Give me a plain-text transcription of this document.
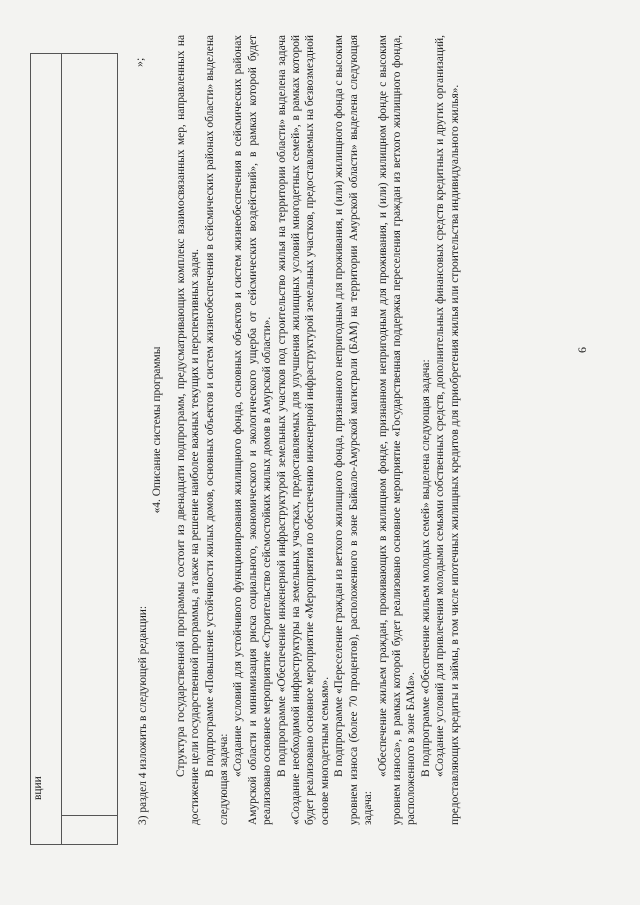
6
вции
»;

3) раздел 4 изложить в следующей редакции:

«4. Описание системы программы Структура государственной программы состоит из двенадцати подпрограмм, предусматривающих комплекс взаимосвязанных мер, направленных на достижение цели государственной программы, а также на решение наиболее важных текущих и перспективных задач. В подпрограмме «Повышение устойчивости жилых домов, основных объектов и систем жизнеобеспечения в сейсмических районах области» выделена следующая задача:

«Создание условий для устойчивого функционирования жилищного фонда, основных объектов и систем жизнеобеспечения в сейсмических районах Амурской области и минимизация риска социального, экономического и экологического ущерба от сейсмических воздействий», в рамках которой будет реализовано основное мероприятие «Строительство сейсмостойких жилых домов в Амурской области». В подпрограмме «Обеспечение инженерной инфраструктурой земельных участков под строительство жилья на территории области» выделена задача «Создание необходимой инфраструктуры на земельных участках, предоставляемых для улучшения жилищных условий многодетных семей», в рамках которой будет реализовано основное мероприятие «Мероприятия по обеспечению инженерной инфраструктурой земельных участков, предоставляемых на безвозмездной основе многодетным семьям». В подпрограмме «Переселение граждан из ветхого жилищного фонда, признанного непригодным для проживания, и (или) жилищного фонда с высоким уровнем износа (более 70 процентов), расположенного в зоне Байкало-Амурской магистрали (БАМ) на территории Амурской области» выделена следующая задача:

«Обеспечение жильем граждан, проживающих в жилищном фонде, признанном непригодным для проживания, и (или) жилищном фонде с высоким уровнем износа», в рамках которой будет реализовано основное мероприятие «Государственная поддержка переселения граждан из ветхого жилищного фонда, расположенного в зоне БАМа». В подпрограмме «Обеспечение жильем молодых семей» выделена следующая задача: «Создание условий для привлечения молодыми семьями собственных средств, дополнительных финансовых средств кредитных и других организаций, предоставляющих кредиты и займы, в том числе ипотечных жилищных кредитов для приобретения жилья или строительства индивидуального жилья».
